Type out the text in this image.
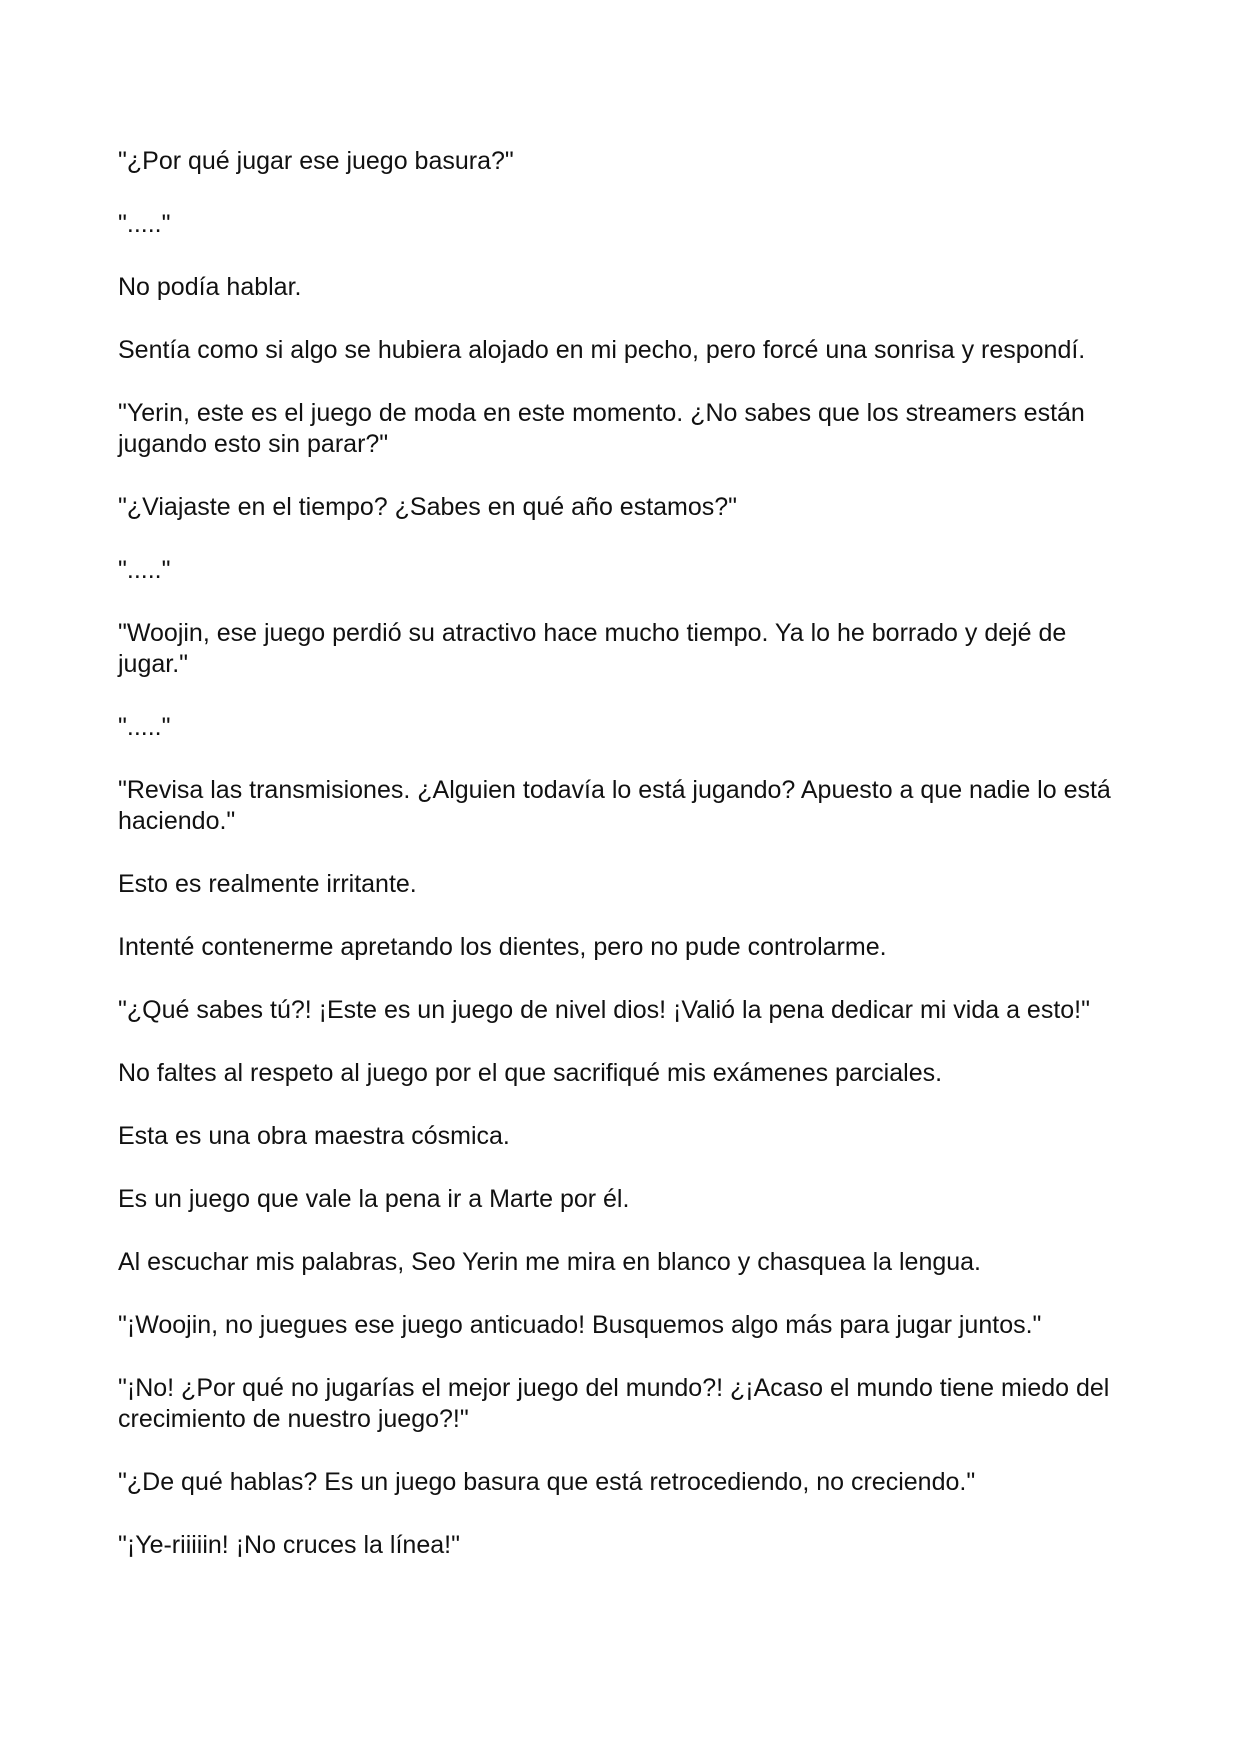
"¿Por qué jugar ese juego basura?"

"....."

No podía hablar.

Sentía como si algo se hubiera alojado en mi pecho, pero forcé una sonrisa y respondí.

"Yerin, este es el juego de moda en este momento. ¿No sabes que los streamers están jugando esto sin parar?"

"¿Viajaste en el tiempo? ¿Sabes en qué año estamos?"

"....."

"Woojin, ese juego perdió su atractivo hace mucho tiempo. Ya lo he borrado y dejé de jugar."

"....."

"Revisa las transmisiones. ¿Alguien todavía lo está jugando? Apuesto a que nadie lo está haciendo."

Esto es realmente irritante.

Intenté contenerme apretando los dientes, pero no pude controlarme.

"¿Qué sabes tú?! ¡Este es un juego de nivel dios! ¡Valió la pena dedicar mi vida a esto!"

No faltes al respeto al juego por el que sacrifiqué mis exámenes parciales.

Esta es una obra maestra cósmica.

Es un juego que vale la pena ir a Marte por él.

Al escuchar mis palabras, Seo Yerin me mira en blanco y chasquea la lengua.

"¡Woojin, no juegues ese juego anticuado! Busquemos algo más para jugar juntos."

"¡No! ¿Por qué no jugarías el mejor juego del mundo?! ¿¡Acaso el mundo tiene miedo del crecimiento de nuestro juego?!"

"¿De qué hablas? Es un juego basura que está retrocediendo, no creciendo."

"¡Ye-riiiiin! ¡No cruces la línea!"
